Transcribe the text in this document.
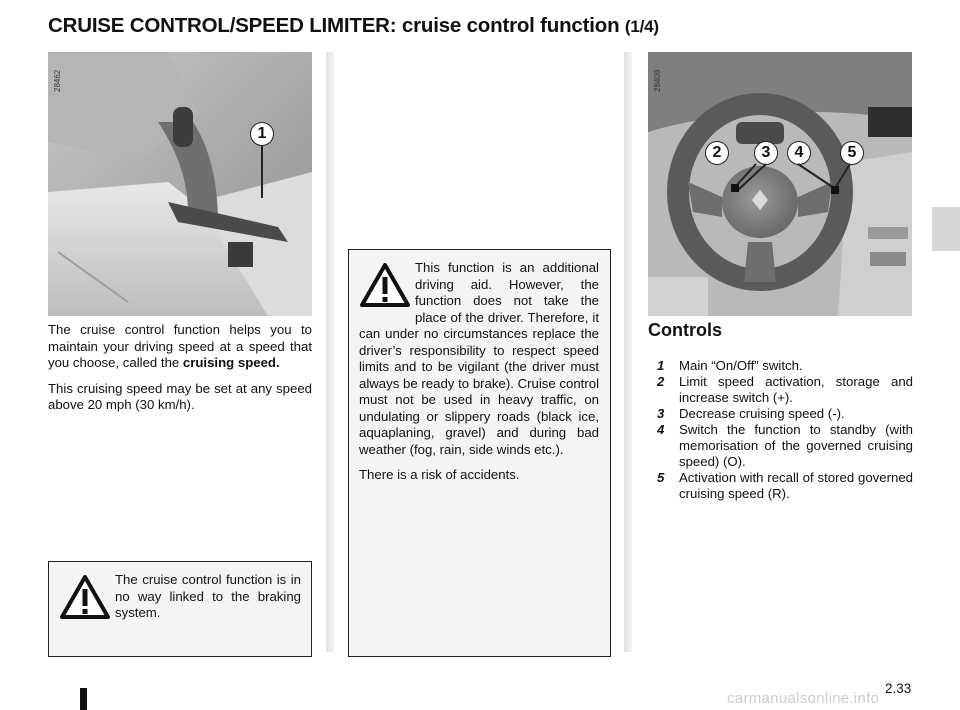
CRUISE CONTROL/SPEED LIMITER: cruise control function (1/4)
28462
1

The cruise control function helps you to maintain your driving speed at a speed that you choose, called the cruising speed.

This cruising speed may be set at any speed above 20 mph (30 km/h).

The cruise control function is in no way linked to the braking system.

This function is an additional driving aid. However, the function does not take the place of the driver. Therefore, it can under no circumstances replace the driver’s responsibility to respect speed limits and to be vigilant (the driver must always be ready to brake). Cruise control must not be used in heavy traffic, on undulating or slippery roads (black ice, aquaplaning, gravel) and during bad weather (fog, rain, side winds etc.).

There is a risk of accidents.

28409
2	3	4	5
Controls
1	Main “On/Off” switch.
2	Limit speed activation, storage and increase switch (+).
3	Decrease cruising speed (-).
4	Switch the function to standby (with memorisation of the governed cruising speed) (O).
5	Activation with recall of stored governed cruising speed (R).
2.33
carmanualsonline.info
